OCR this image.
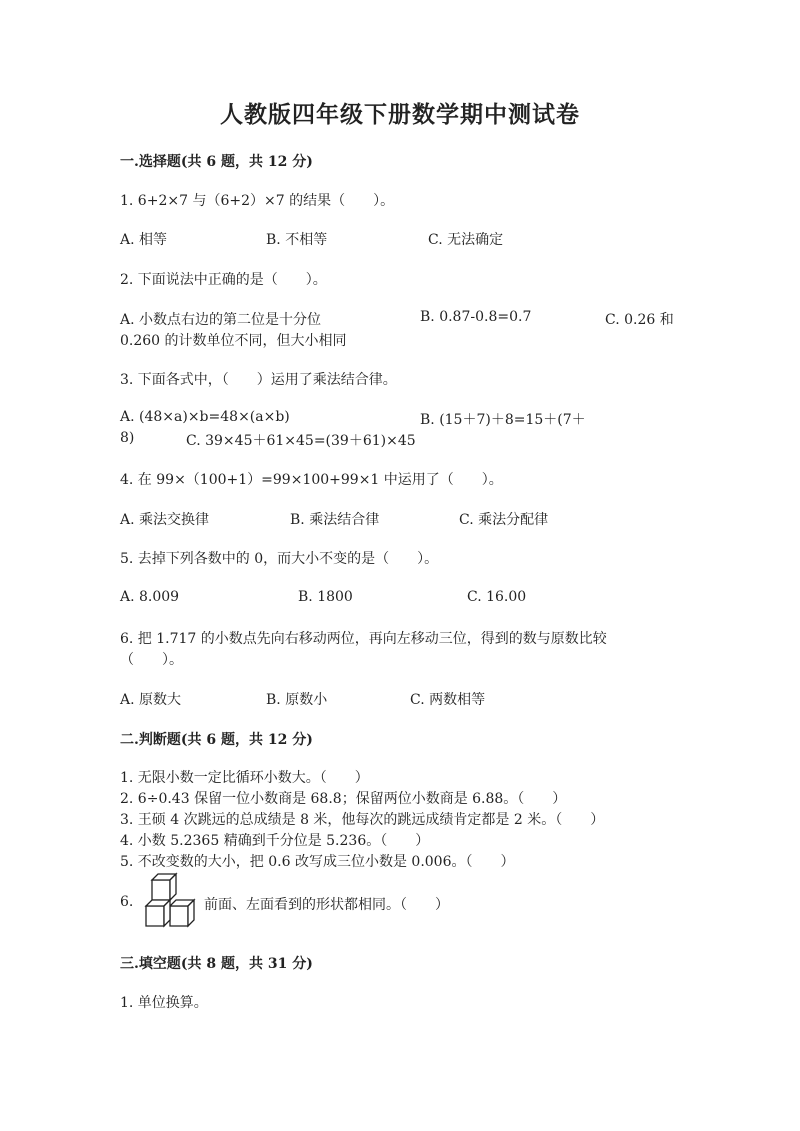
人教版四年级下册数学期中测试卷
一.选择题(共 6 题，共 12 分)
1. 6+2×7 与（6+2）×7 的结果（　　）。
A. 相等	B. 不相等	C. 无法确定
2. 下面说法中正确的是（　　）。
A. 小数点右边的第二位是十分位	B. 0.87-0.8=0.7	C. 0.26 和
0.260 的计数单位不同，但大小相同
3. 下面各式中，（　　）运用了乘法结合律。
A. (48×a)×b=48×(a×b)	B. (15＋7)＋8=15＋(7＋
8)	C. 39×45＋61×45=(39＋61)×45
4. 在 99×（100+1）=99×100+99×1 中运用了（　　）。
A. 乘法交换律	B. 乘法结合律	C. 乘法分配律
5. 去掉下列各数中的 0，而大小不变的是（　　）。
A. 8.009	B. 1800	C. 16.00
6. 把 1.717 的小数点先向右移动两位，再向左移动三位，得到的数与原数比较
（　　）。
A. 原数大	B. 原数小	C. 两数相等
二.判断题(共 6 题，共 12 分)
1. 无限小数一定比循环小数大。（　　）
2. 6÷0.43 保留一位小数商是 68.8；保留两位小数商是 6.88。（　　）
3. 王硕 4 次跳远的总成绩是 8 米，他每次的跳远成绩肯定都是 2 米。（　　）
4. 小数 5.2365 精确到千分位是 5.236。（　　）
5. 不改变数的大小，把 0.6 改写成三位小数是 0.006。（　　）
6.	前面、左面看到的形状都相同。（　　）
三.填空题(共 8 题，共 31 分)
1. 单位换算。
